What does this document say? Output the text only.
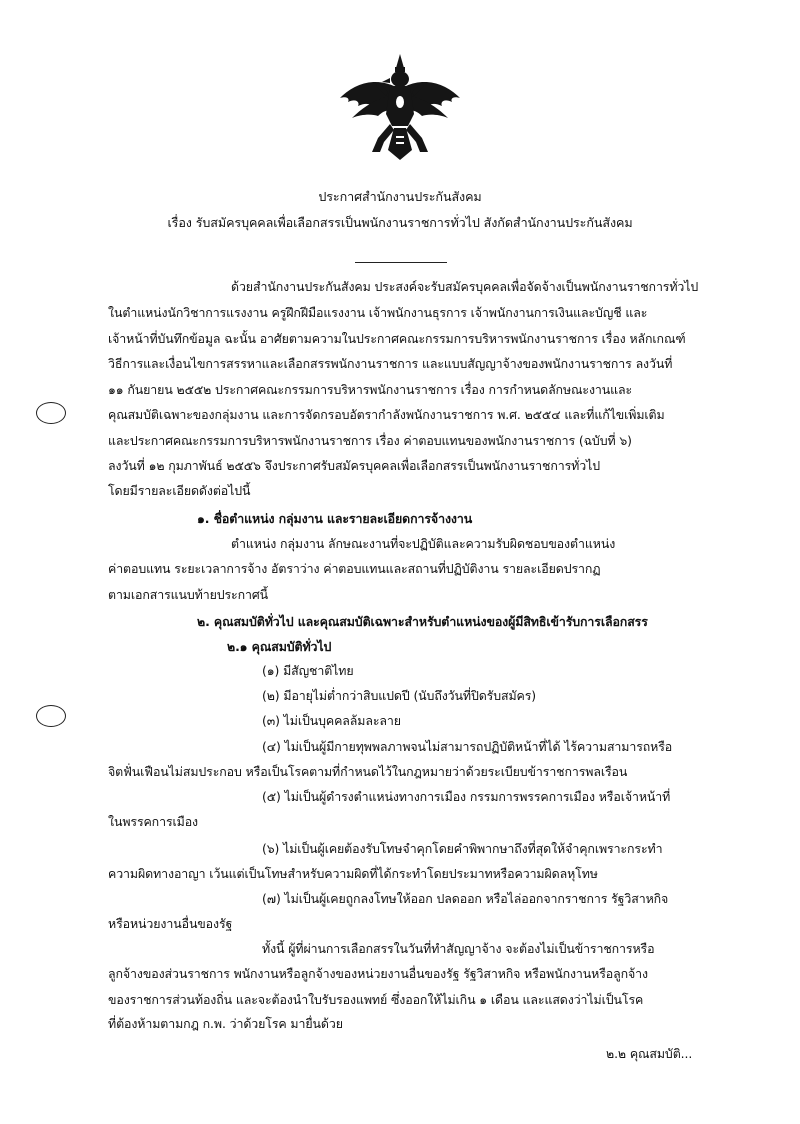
ประกาศสำนักงานประกันสังคม
เรื่อง รับสมัครบุคคลเพื่อเลือกสรรเป็นพนักงานราชการทั่วไป สังกัดสำนักงานประกันสังคม
ด้วยสำนักงานประกันสังคม ประสงค์จะรับสมัครบุคคลเพื่อจัดจ้างเป็นพนักงานราชการทั่วไป
ในตำแหน่งนักวิชาการแรงงาน ครูฝึกฝีมือแรงงาน เจ้าพนักงานธุรการ เจ้าพนักงานการเงินและบัญชี และ
เจ้าหน้าที่บันทึกข้อมูล ฉะนั้น อาศัยตามความในประกาศคณะกรรมการบริหารพนักงานราชการ เรื่อง หลักเกณฑ์
วิธีการและเงื่อนไขการสรรหาและเลือกสรรพนักงานราชการ และแบบสัญญาจ้างของพนักงานราชการ ลงวันที่
๑๑ กันยายน ๒๕๕๒ ประกาศคณะกรรมการบริหารพนักงานราชการ เรื่อง การกำหนดลักษณะงานและ
คุณสมบัติเฉพาะของกลุ่มงาน และการจัดกรอบอัตรากำลังพนักงานราชการ พ.ศ. ๒๕๕๔ และที่แก้ไขเพิ่มเติม
และประกาศคณะกรรมการบริหารพนักงานราชการ เรื่อง ค่าตอบแทนของพนักงานราชการ (ฉบับที่ ๖)
ลงวันที่ ๑๒ กุมภาพันธ์ ๒๕๕๖ จึงประกาศรับสมัครบุคคลเพื่อเลือกสรรเป็นพนักงานราชการทั่วไป
โดยมีรายละเอียดดังต่อไปนี้
๑. ชื่อตำแหน่ง กลุ่มงาน และรายละเอียดการจ้างงาน
ตำแหน่ง กลุ่มงาน ลักษณะงานที่จะปฏิบัติและความรับผิดชอบของตำแหน่ง
ค่าตอบแทน ระยะเวลาการจ้าง อัตราว่าง ค่าตอบแทนและสถานที่ปฏิบัติงาน รายละเอียดปรากฏ
ตามเอกสารแนบท้ายประกาศนี้
๒. คุณสมบัติทั่วไป และคุณสมบัติเฉพาะสำหรับตำแหน่งของผู้มีสิทธิเข้ารับการเลือกสรร
๒.๑ คุณสมบัติทั่วไป
(๑) มีสัญชาติไทย
(๒) มีอายุไม่ต่ำกว่าสิบแปดปี (นับถึงวันที่ปิดรับสมัคร)
(๓) ไม่เป็นบุคคลล้มละลาย
(๔) ไม่เป็นผู้มีกายทุพพลภาพจนไม่สามารถปฏิบัติหน้าที่ได้ ไร้ความสามารถหรือ
จิตฟั่นเฟือนไม่สมประกอบ หรือเป็นโรคตามที่กำหนดไว้ในกฎหมายว่าด้วยระเบียบข้าราชการพลเรือน
(๕) ไม่เป็นผู้ดำรงตำแหน่งทางการเมือง กรรมการพรรคการเมือง หรือเจ้าหน้าที่
ในพรรคการเมือง
(๖) ไม่เป็นผู้เคยต้องรับโทษจำคุกโดยคำพิพากษาถึงที่สุดให้จำคุกเพราะกระทำ
ความผิดทางอาญา เว้นแต่เป็นโทษสำหรับความผิดที่ได้กระทำโดยประมาทหรือความผิดลหุโทษ
(๗) ไม่เป็นผู้เคยถูกลงโทษให้ออก ปลดออก หรือไล่ออกจากราชการ รัฐวิสาหกิจ
หรือหน่วยงานอื่นของรัฐ
ทั้งนี้ ผู้ที่ผ่านการเลือกสรรในวันที่ทำสัญญาจ้าง จะต้องไม่เป็นข้าราชการหรือ
ลูกจ้างของส่วนราชการ พนักงานหรือลูกจ้างของหน่วยงานอื่นของรัฐ รัฐวิสาหกิจ หรือพนักงานหรือลูกจ้าง
ของราชการส่วนท้องถิ่น และจะต้องนำใบรับรองแพทย์ ซึ่งออกให้ไม่เกิน ๑ เดือน และแสดงว่าไม่เป็นโรค
ที่ต้องห้ามตามกฎ ก.พ. ว่าด้วยโรค มายื่นด้วย
๒.๒ คุณสมบัติ...
